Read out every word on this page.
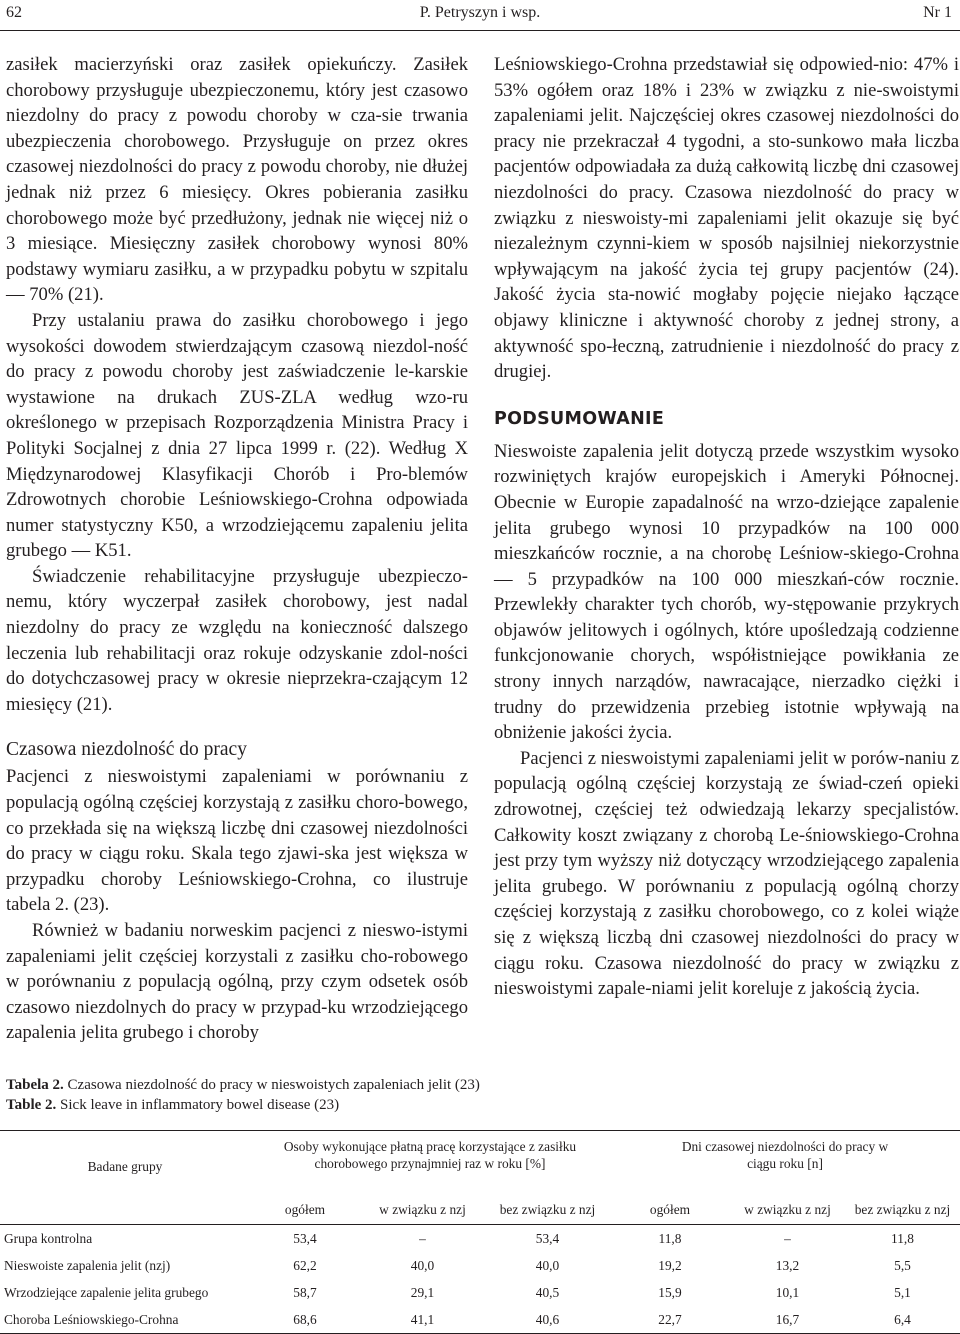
62	P. Petryszyn i wsp.	Nr 1

zasiłek macierzyński oraz zasiłek opiekuńczy. Zasiłek chorobowy przysługuje ubezpieczonemu, który jest czasowo niezdolny do pracy z powodu choroby w cza-sie trwania ubezpieczenia chorobowego. Przysługuje on przez okres czasowej niezdolności do pracy z powodu choroby, nie dłużej jednak niż przez 6 miesięcy. Okres pobierania zasiłku chorobowego może być przedłużony, jednak nie więcej niż o 3 miesiące. Miesięczny zasiłek chorobowy wynosi 80% podstawy wymiaru zasiłku, a w przypadku pobytu w szpitalu — 70% (21).

Przy ustalaniu prawa do zasiłku chorobowego i jego wysokości dowodem stwierdzającym czasową niezdol-ność do pracy z powodu choroby jest zaświadczenie le-karskie wystawione na drukach ZUS-ZLA według wzo-ru określonego w przepisach Rozporządzenia Ministra Pracy i Polityki Socjalnej z dnia 27 lipca 1999 r. (22). Według X Międzynarodowej Klasyfikacji Chorób i Pro-blemów Zdrowotnych chorobie Leśniowskiego-Crohna odpowiada numer statystyczny K50, a wrzodziejącemu zapaleniu jelita grubego — K51.

Świadczenie rehabilitacyjne przysługuje ubezpieczo-nemu, który wyczerpał zasiłek chorobowy, jest nadal niezdolny do pracy ze względu na konieczność dalszego leczenia lub rehabilitacji oraz rokuje odzyskanie zdol-ności do dotychczasowej pracy w okresie nieprzekra-czającym 12 miesięcy (21).

Czasowa niezdolność do pracy

Pacjenci z nieswoistymi zapaleniami w porównaniu z populacją ogólną częściej korzystają z zasiłku choro-bowego, co przekłada się na większą liczbę dni czasowej niezdolności do pracy w ciągu roku. Skala tego zjawi-ska jest większa w przypadku choroby Leśniowskiego-Crohna, co ilustruje tabela 2. (23).

Również w badaniu norweskim pacjenci z nieswo-istymi zapaleniami jelit częściej korzystali z zasiłku cho-robowego w porównaniu z populacją ogólną, przy czym odsetek osób czasowo niezdolnych do pracy w przypad-ku wrzodziejącego zapalenia jelita grubego i choroby

Leśniowskiego-Crohna przedstawiał się odpowied-nio: 47% i 53% ogółem oraz 18% i 23% w związku z nie-swoistymi zapaleniami jelit. Najczęściej okres czasowej niezdolności do pracy nie przekraczał 4 tygodni, a sto-sunkowo mała liczba pacjentów odpowiadała za dużą całkowitą liczbę dni czasowej niezdolności do pracy. Czasowa niezdolność do pracy w związku z nieswoisty-mi zapaleniami jelit okazuje się być niezależnym czynni-kiem w sposób najsilniej niekorzystnie wpływającym na jakość życia tej grupy pacjentów (24). Jakość życia sta-nowić mogłaby pojęcie niejako łączące objawy kliniczne i aktywność choroby z jednej strony, a aktywność spo-łeczną, zatrudnienie i niezdolność do pracy z drugiej.

PODSUMOWANIE

Nieswoiste zapalenia jelit dotyczą przede wszystkim wysoko rozwiniętych krajów europejskich i Ameryki Północnej. Obecnie w Europie zapadalność na wrzo-dziejące zapalenie jelita grubego wynosi 10 przypadków na 100 000 mieszkańców rocznie, a na chorobę Leśniow-skiego-Crohna — 5 przypadków na 100 000 mieszkań-ców rocznie. Przewlekły charakter tych chorób, wy-stępowanie przykrych objawów jelitowych i ogólnych, które upośledzają codzienne funkcjonowanie chorych, współistniejące powikłania ze strony innych narządów, nawracające, nierzadko ciężki i trudny do przewidzenia przebieg istotnie wpływają na obniżenie jakości życia.

Pacjenci z nieswoistymi zapaleniami jelit w porów-naniu z populacją ogólną częściej korzystają ze świad-czeń opieki zdrowotnej, częściej też odwiedzają lekarzy specjalistów. Całkowity koszt związany z chorobą Le-śniowskiego-Crohna jest przy tym wyższy niż dotyczący wrzodziejącego zapalenia jelita grubego. W porównaniu z populacją ogólną chorzy częściej korzystają z zasiłku chorobowego, co z kolei wiąże się z większą liczbą dni czasowej niezdolności do pracy w ciągu roku. Czasowa niezdolność do pracy w związku z nieswoistymi zapale-niami jelit koreluje z jakością życia.

Tabela 2. Czasowa niezdolność do pracy w nieswoistych zapaleniach jelit (23)
Table 2. Sick leave in inflammatory bowel disease (23)

Badane grupy	Osoby wykonujące płatną pracę korzystające z zasiłku chorobowego przynajmniej raz w roku [%]			Dni czasowej niezdolności do pracy w ciągu roku [n]		
	ogółem	w związku z nzj	bez związku z nzj	ogółem	w związku z nzj	bez związku z nzj
Grupa kontrolna	53,4	–	53,4	11,8	–	11,8
Nieswoiste zapalenia jelit (nzj)	62,2	40,0	40,0	19,2	13,2	5,5
Wrzodziejące zapalenie jelita grubego	58,7	29,1	40,5	15,9	10,1	5,1
Choroba Leśniowskiego-Crohna	68,6	41,1	40,6	22,7	16,7	6,4
